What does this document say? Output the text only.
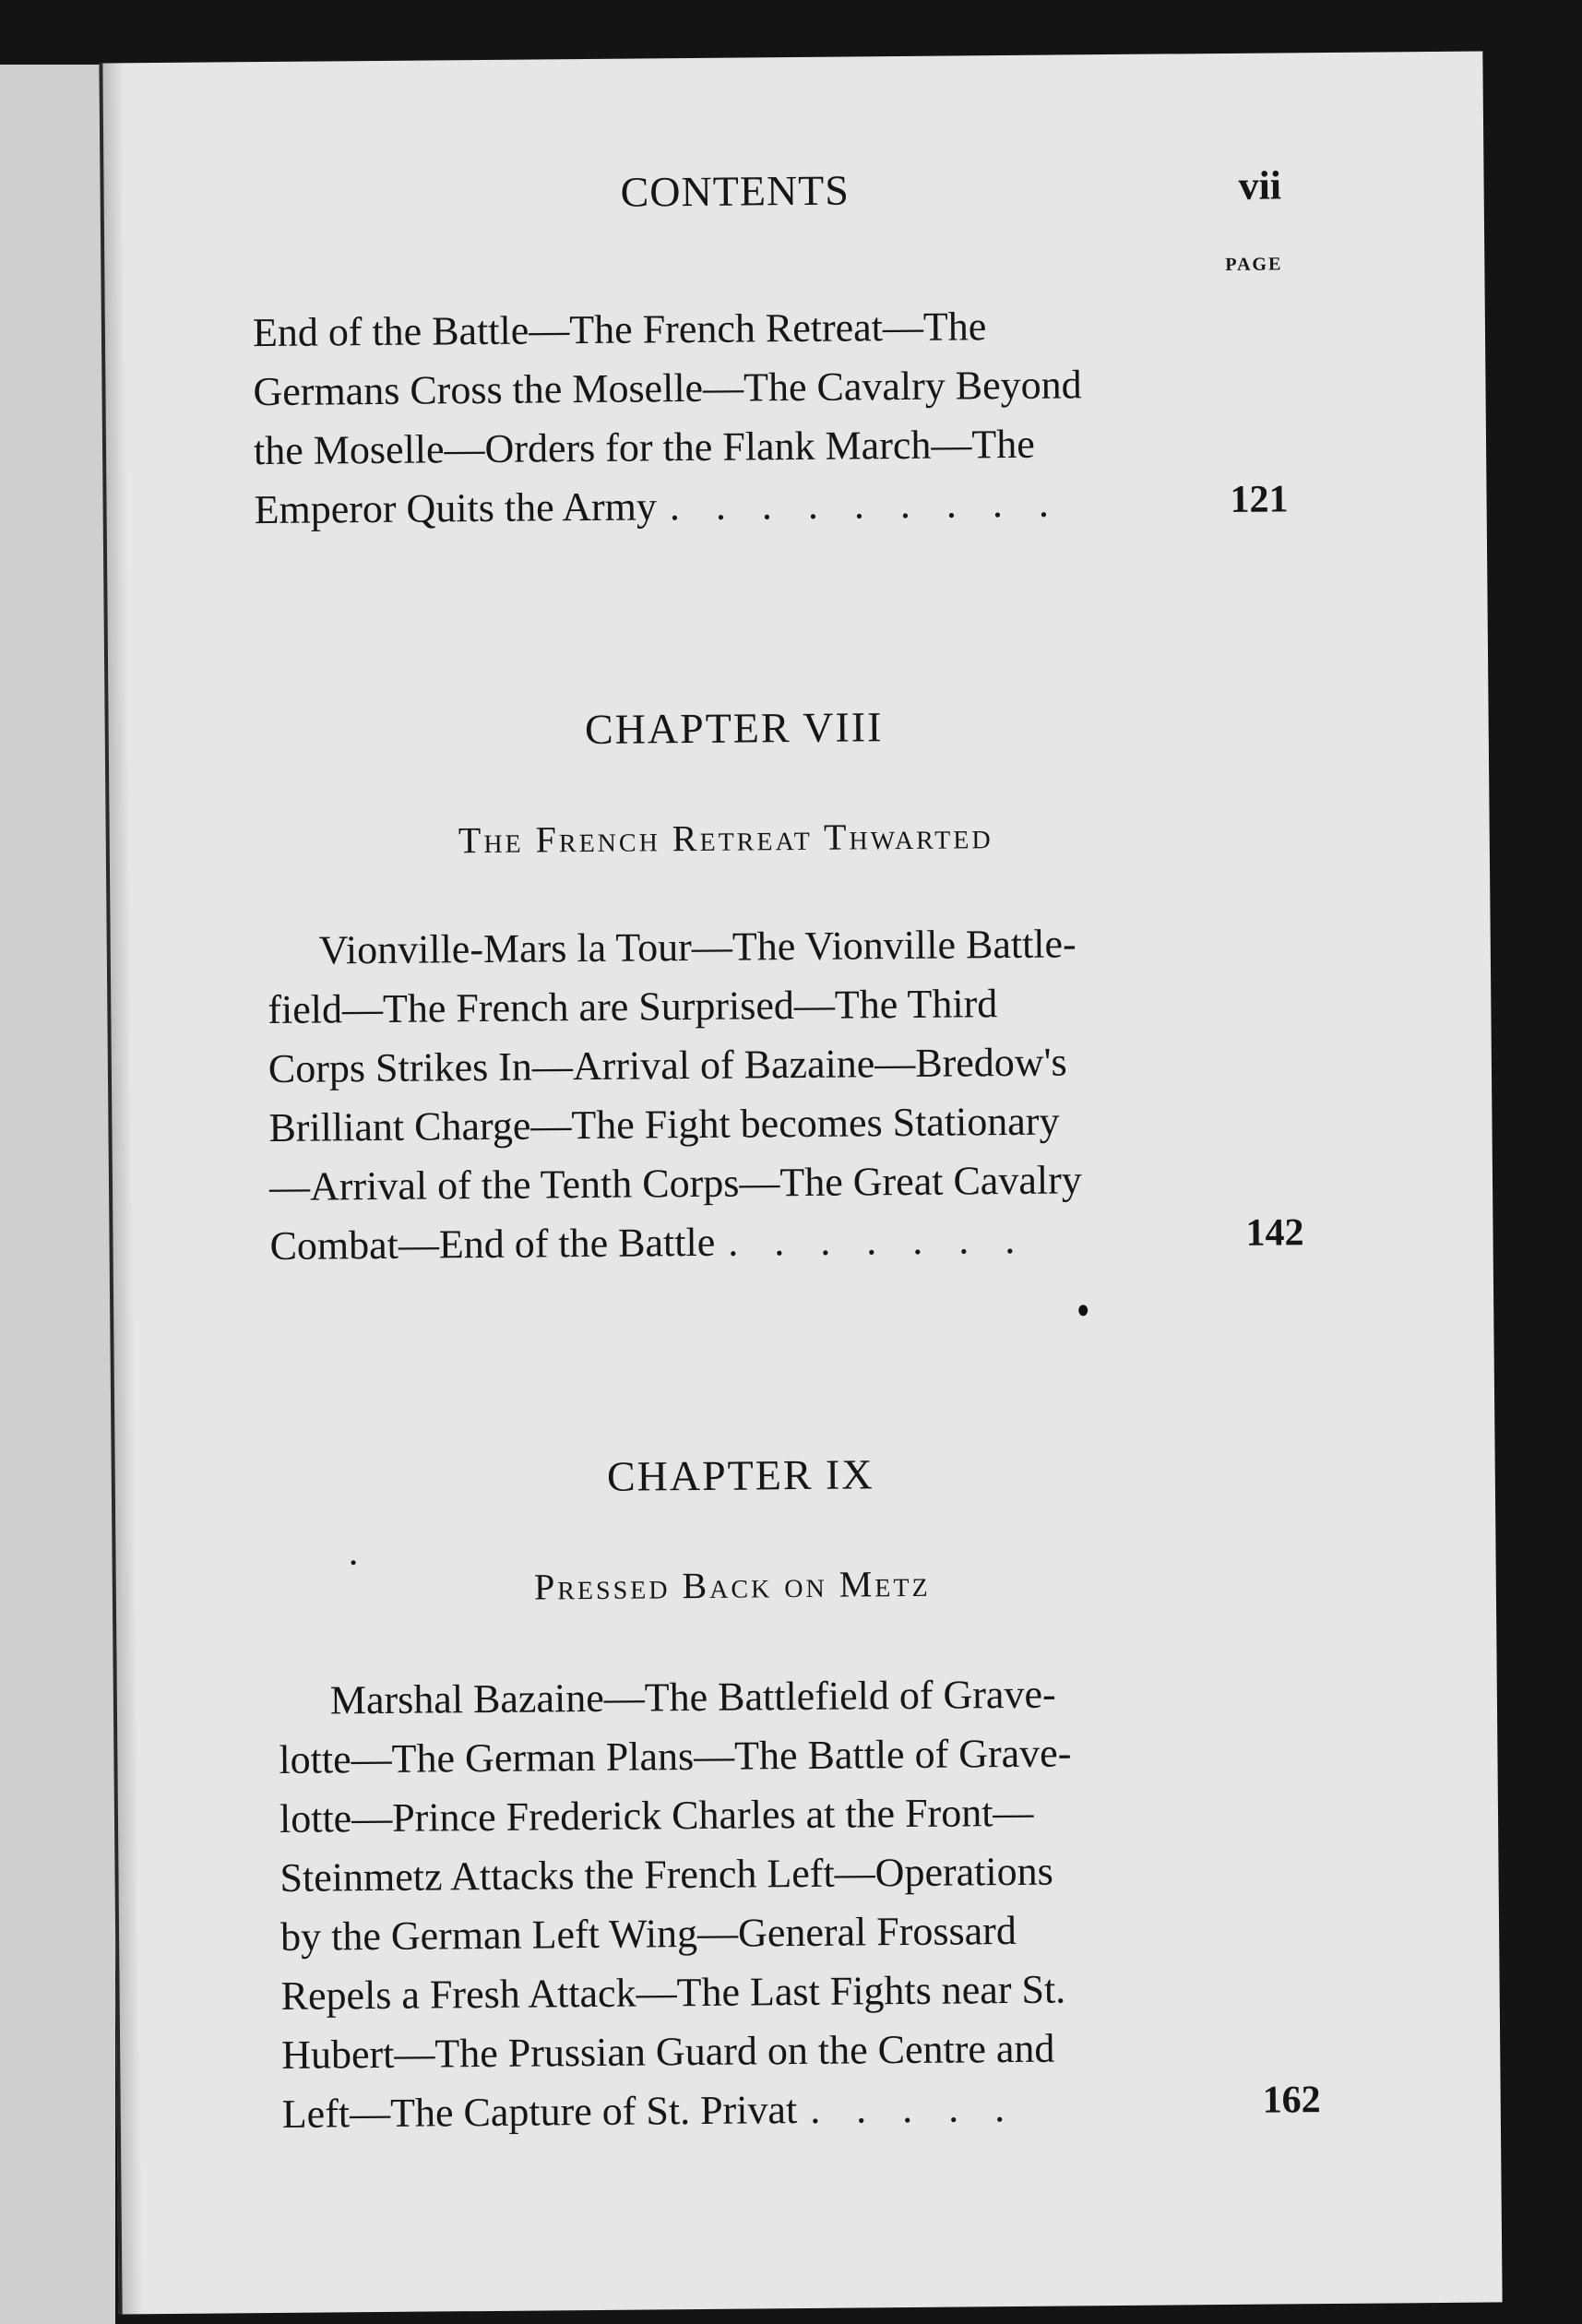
CONTENTS	vii
PAGE
End of the Battle—The French Retreat—The
Germans Cross the Moselle—The Cavalry Beyond
the Moselle—Orders for the Flank March—The
Emperor Quits the Army . . . . . . . . .	121
CHAPTER VIII
The French Retreat Thwarted
Vionville-Mars la Tour—The Vionville Battle-
field—The French are Surprised—The Third
Corps Strikes In—Arrival of Bazaine—Bredow's
Brilliant Charge—The Fight becomes Stationary
—Arrival of the Tenth Corps—The Great Cavalry
Combat—End of the Battle . . . . . . .	142
CHAPTER IX
Pressed Back on Metz
Marshal Bazaine—The Battlefield of Grave-
lotte—The German Plans—The Battle of Grave-
lotte—Prince Frederick Charles at the Front—
Steinmetz Attacks the French Left—Operations
by the German Left Wing—General Frossard
Repels a Fresh Attack—The Last Fights near St.
Hubert—The Prussian Guard on the Centre and
Left—The Capture of St. Privat . . . . .	162
